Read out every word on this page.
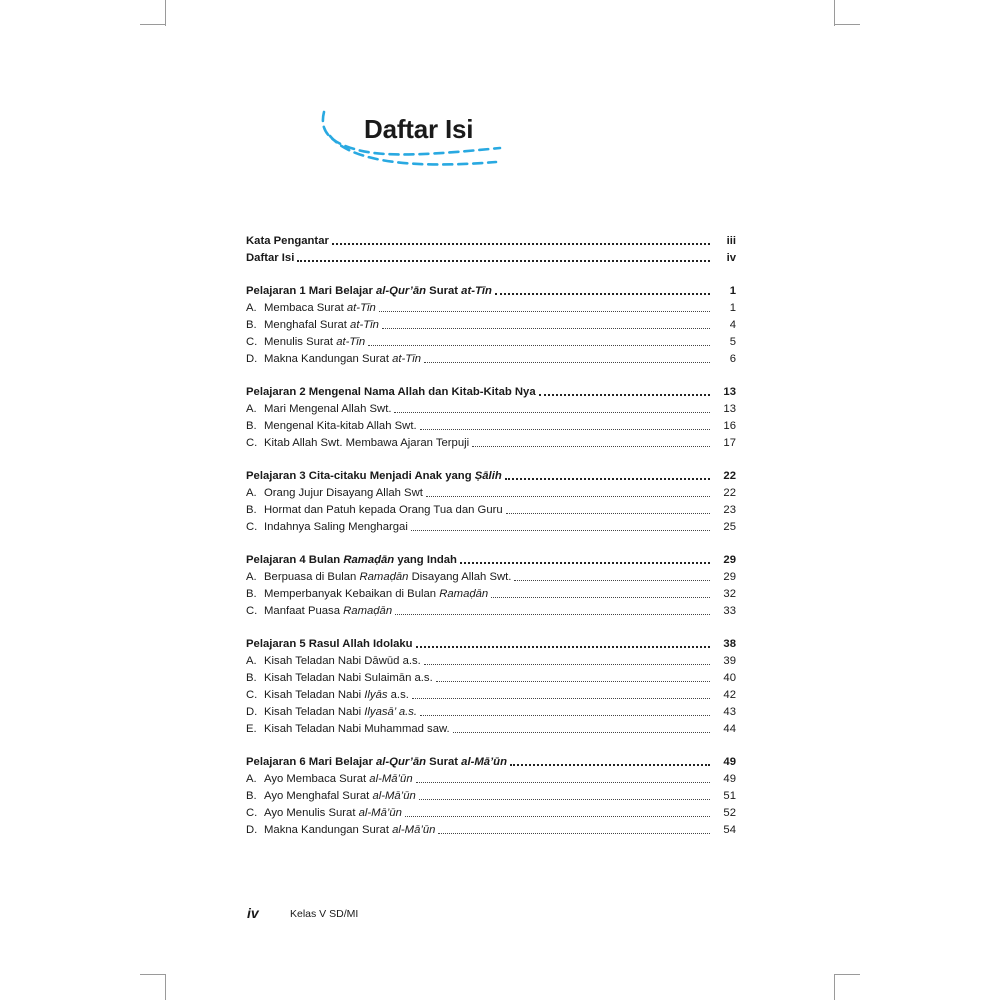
Daftar Isi
Kata Pengantar	iii
Daftar Isi	iv
Pelajaran 1 Mari Belajar al-Qur’ān Surat at-Tīn	1
A. Membaca Surat at-Tīn	1
B. Menghafal Surat at-Tīn	4
C. Menulis Surat at-Tīn	5
D. Makna Kandungan Surat at-Tīn	6
Pelajaran 2 Mengenal Nama Allah dan Kitab-Kitab Nya	13
A. Mari Mengenal Allah Swt.	13
B. Mengenal Kita-kitab Allah Swt.	16
C. Kitab Allah Swt. Membawa Ajaran Terpuji	17
Pelajaran 3 Cita-citaku Menjadi Anak yang Ṣālih	22
A. Orang Jujur Disayang Allah Swt	22
B. Hormat dan Patuh kepada Orang Tua dan Guru	23
C. Indahnya Saling Menghargai	25
Pelajaran 4 Bulan Ramaḍān yang Indah	29
A. Berpuasa di Bulan Ramaḍān Disayang Allah Swt.	29
B. Memperbanyak Kebaikan di Bulan Ramaḍān	32
C. Manfaat Puasa Ramaḍān	33
Pelajaran 5 Rasul Allah Idolaku	38
A. Kisah Teladan Nabi Dāwūd a.s.	39
B. Kisah Teladan Nabi Sulaimān a.s.	40
C. Kisah Teladan Nabi Ilyās a.s.	42
D. Kisah Teladan Nabi Ilyasā’ a.s.	43
E. Kisah Teladan Nabi Muhammad saw.	44
Pelajaran 6 Mari Belajar al-Qur’ān Surat al-Mā’ūn	49
A. Ayo Membaca Surat al-Mā’ūn	49
B. Ayo Menghafal Surat al-Mā’ūn	51
C. Ayo Menulis Surat al-Mā’ūn	52
D. Makna Kandungan Surat al-Mā’ūn	54
iv	Kelas V SD/MI
